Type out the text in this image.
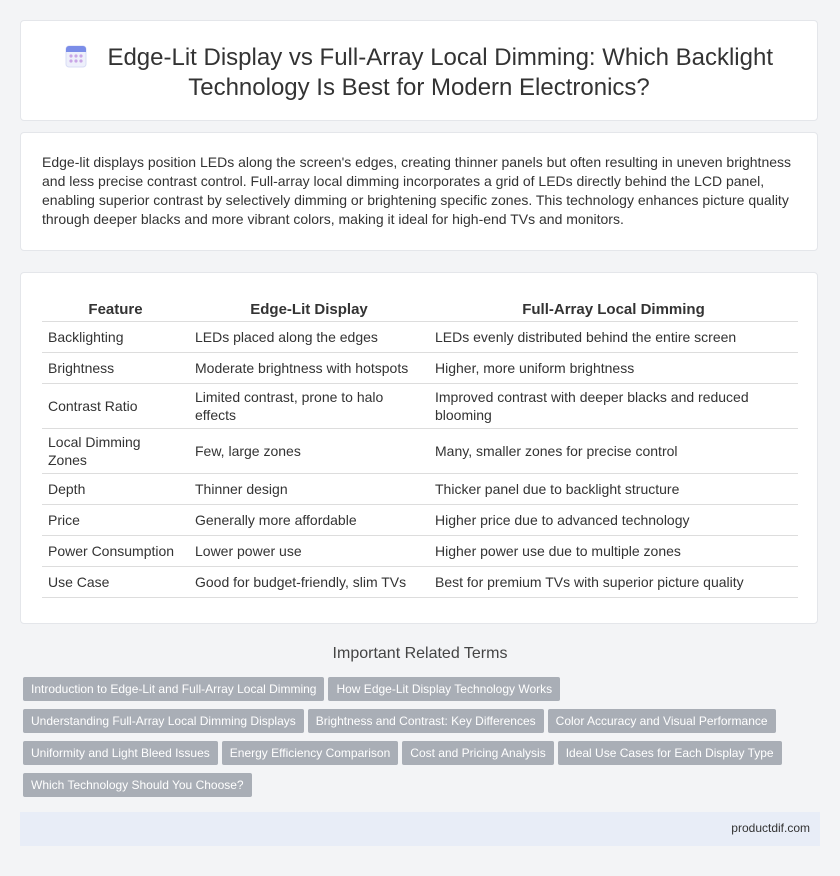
Edge-Lit Display vs Full-Array Local Dimming: Which Backlight Technology Is Best for Modern Electronics?

Edge-lit displays position LEDs along the screen's edges, creating thinner panels but often resulting in uneven brightness and less precise contrast control. Full-array local dimming incorporates a grid of LEDs directly behind the LCD panel, enabling superior contrast by selectively dimming or brightening specific zones. This technology enhances picture quality through deeper blacks and more vibrant colors, making it ideal for high-end TVs and monitors.

Feature	Edge-Lit Display	Full-Array Local Dimming
Backlighting	LEDs placed along the edges	LEDs evenly distributed behind the entire screen
Brightness	Moderate brightness with hotspots	Higher, more uniform brightness
Contrast Ratio	Limited contrast, prone to halo effects	Improved contrast with deeper blacks and reduced blooming
Local Dimming Zones	Few, large zones	Many, smaller zones for precise control
Depth	Thinner design	Thicker panel due to backlight structure
Price	Generally more affordable	Higher price due to advanced technology
Power Consumption	Lower power use	Higher power use due to multiple zones
Use Case	Good for budget-friendly, slim TVs	Best for premium TVs with superior picture quality
Important Related Terms
Introduction to Edge-Lit and Full-Array Local Dimming How Edge-Lit Display Technology Works
Understanding Full-Array Local Dimming Displays Brightness and Contrast: Key Differences Color Accuracy and Visual Performance
Uniformity and Light Bleed Issues Energy Efficiency Comparison Cost and Pricing Analysis Ideal Use Cases for Each Display Type
Which Technology Should You Choose?
productdif.com
